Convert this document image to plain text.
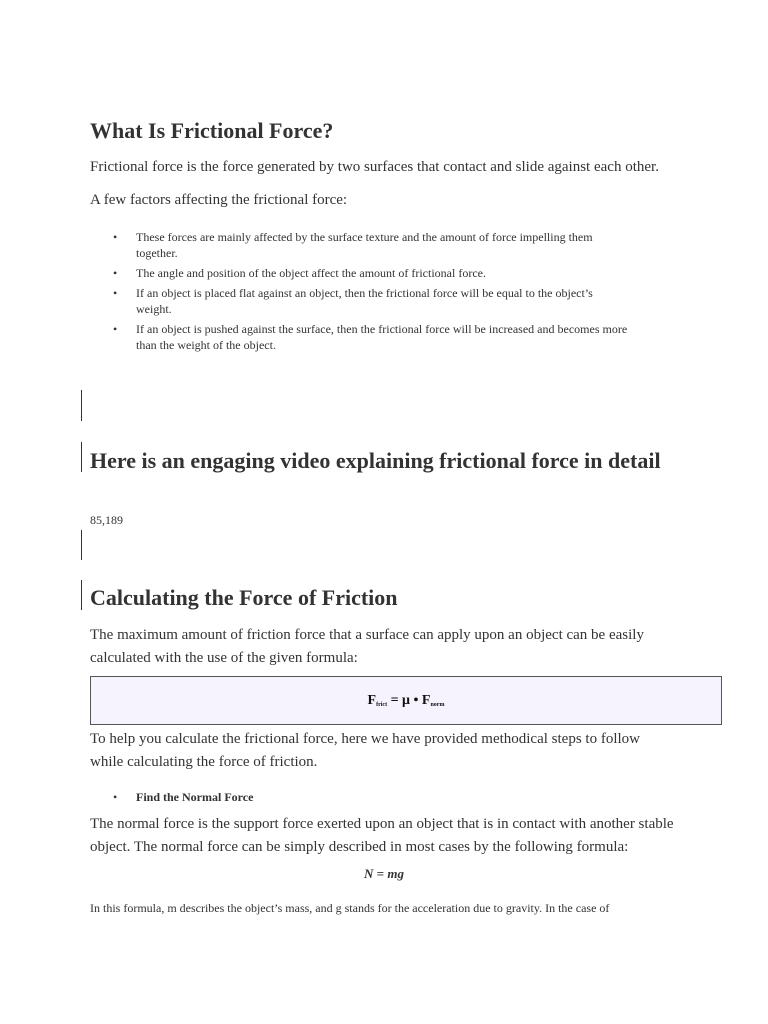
What Is Frictional Force?

Frictional force is the force generated by two surfaces that contact and slide against each other.

A few factors affecting the frictional force:

• These forces are mainly affected by the surface texture and the amount of force impelling them
together.
• The angle and position of the object affect the amount of frictional force.
• If an object is placed flat against an object, then the frictional force will be equal to the object’s
weight.
• If an object is pushed against the surface, then the frictional force will be increased and becomes more
than the weight of the object.
Here is an engaging video explaining frictional force in detail

85,189

Calculating the Force of Friction

The maximum amount of friction force that a surface can apply upon an object can be easily
calculated with the use of the given formula:

$F_{frict} = \mu$ • $F_{norm}$

To help you calculate the frictional force, here we have provided methodical steps to follow
while calculating the force of friction.

• Find the Normal Force

The normal force is the support force exerted upon an object that is in contact with another stable
object. The normal force can be simply described in most cases by the following formula:

N = mg

In this formula, m describes the object’s mass, and g stands for the acceleration due to gravity. In the case of
